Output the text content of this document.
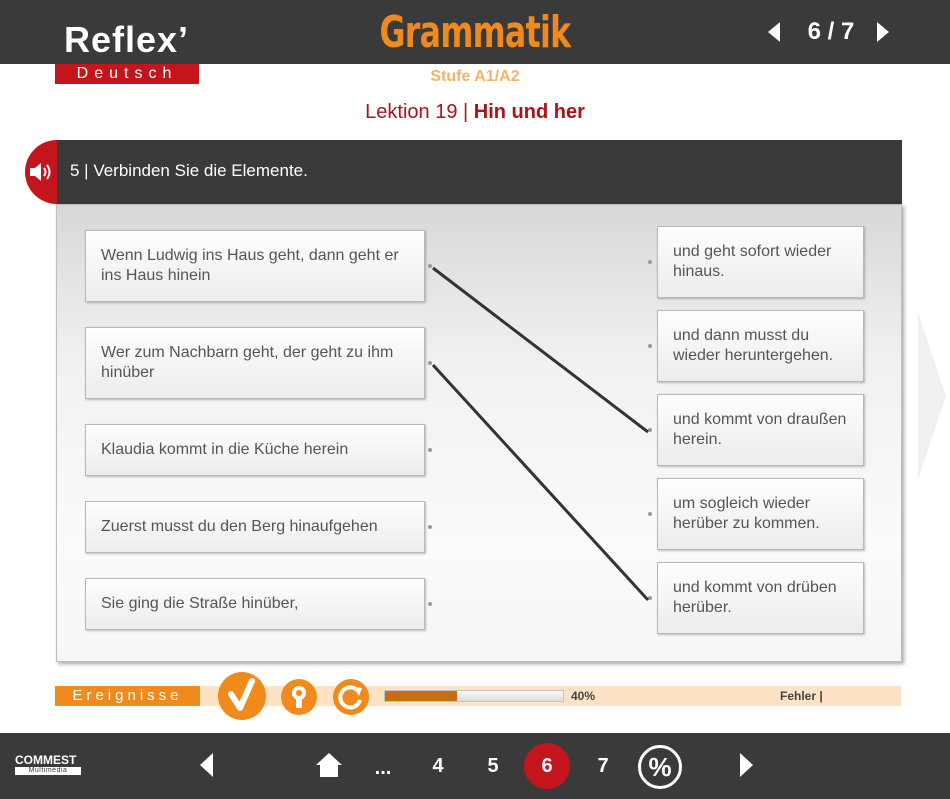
Reflex’
Deutsch
Grammatik
Stufe A1/A2
6 / 7
Lektion 19 | Hin und her
5 | Verbinden Sie die Elemente.
Wenn Ludwig ins Haus geht, dann geht er ins Haus hinein
Wer zum Nachbarn geht, der geht zu ihm hinüber
Klaudia kommt in die Küche herein
Zuerst musst du den Berg hinaufgehen
Sie ging die Straße hinüber,
und geht sofort wieder hinaus.
und dann musst du wieder heruntergehen.
und kommt von draußen herein.
um sogleich wieder herüber zu kommen.
und kommt von drüben herüber.
Ereignisse	40%	Fehler |
COMMEST
Multimédia	...	4	5	6	7	%
